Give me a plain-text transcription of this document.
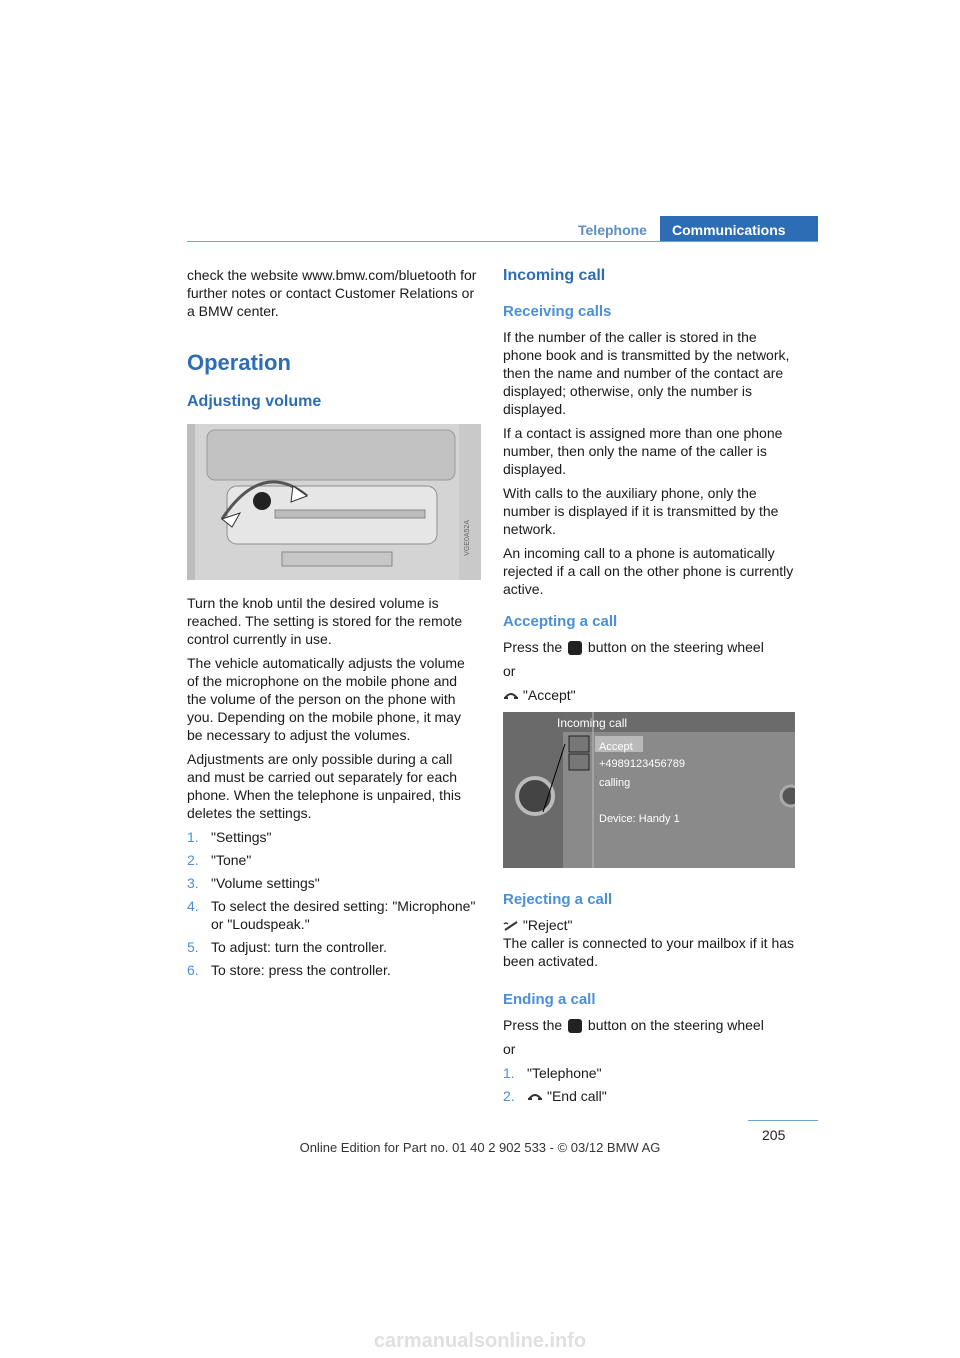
Telephone	Communications

check the website www.bmw.com/bluetooth for further notes or contact Customer Relations or a BMW center.

Operation
Adjusting volume
VGE0A52A

Turn the knob until the desired volume is reached. The setting is stored for the remote control currently in use.

The vehicle automatically adjusts the volume of the microphone on the mobile phone and the volume of the person on the phone with you. Depending on the mobile phone, it may be necessary to adjust the volumes.

Adjustments are only possible during a call and must be carried out separately for each phone. When the telephone is unpaired, this deletes the settings.

1. "Settings"
2. "Tone"
3. "Volume settings"
4. To select the desired setting: "Microphone" or "Loudspeak."
5. To adjust: turn the controller.
6. To store: press the controller.
Incoming call
Receiving calls

If the number of the caller is stored in the phone book and is transmitted by the network, then the name and number of the contact are displayed; otherwise, only the number is displayed.

If a contact is assigned more than one phone number, then only the name of the caller is displayed.

With calls to the auxiliary phone, only the number is displayed if it is transmitted by the network.

An incoming call to a phone is automatically rejected if a call on the other phone is currently active.

Accepting a call

Press the button on the steering wheel

or

"Accept"

Incoming call
Accept
+4989123456789
calling
Device: Handy 1
Rejecting a call

"Reject"

The caller is connected to your mailbox if it has been activated.

Ending a call

Press the button on the steering wheel

or

1. "Telephone"
2. "End call"
205
Online Edition for Part no. 01 40 2 902 533 - © 03/12 BMW AG
carmanualsonline.info
